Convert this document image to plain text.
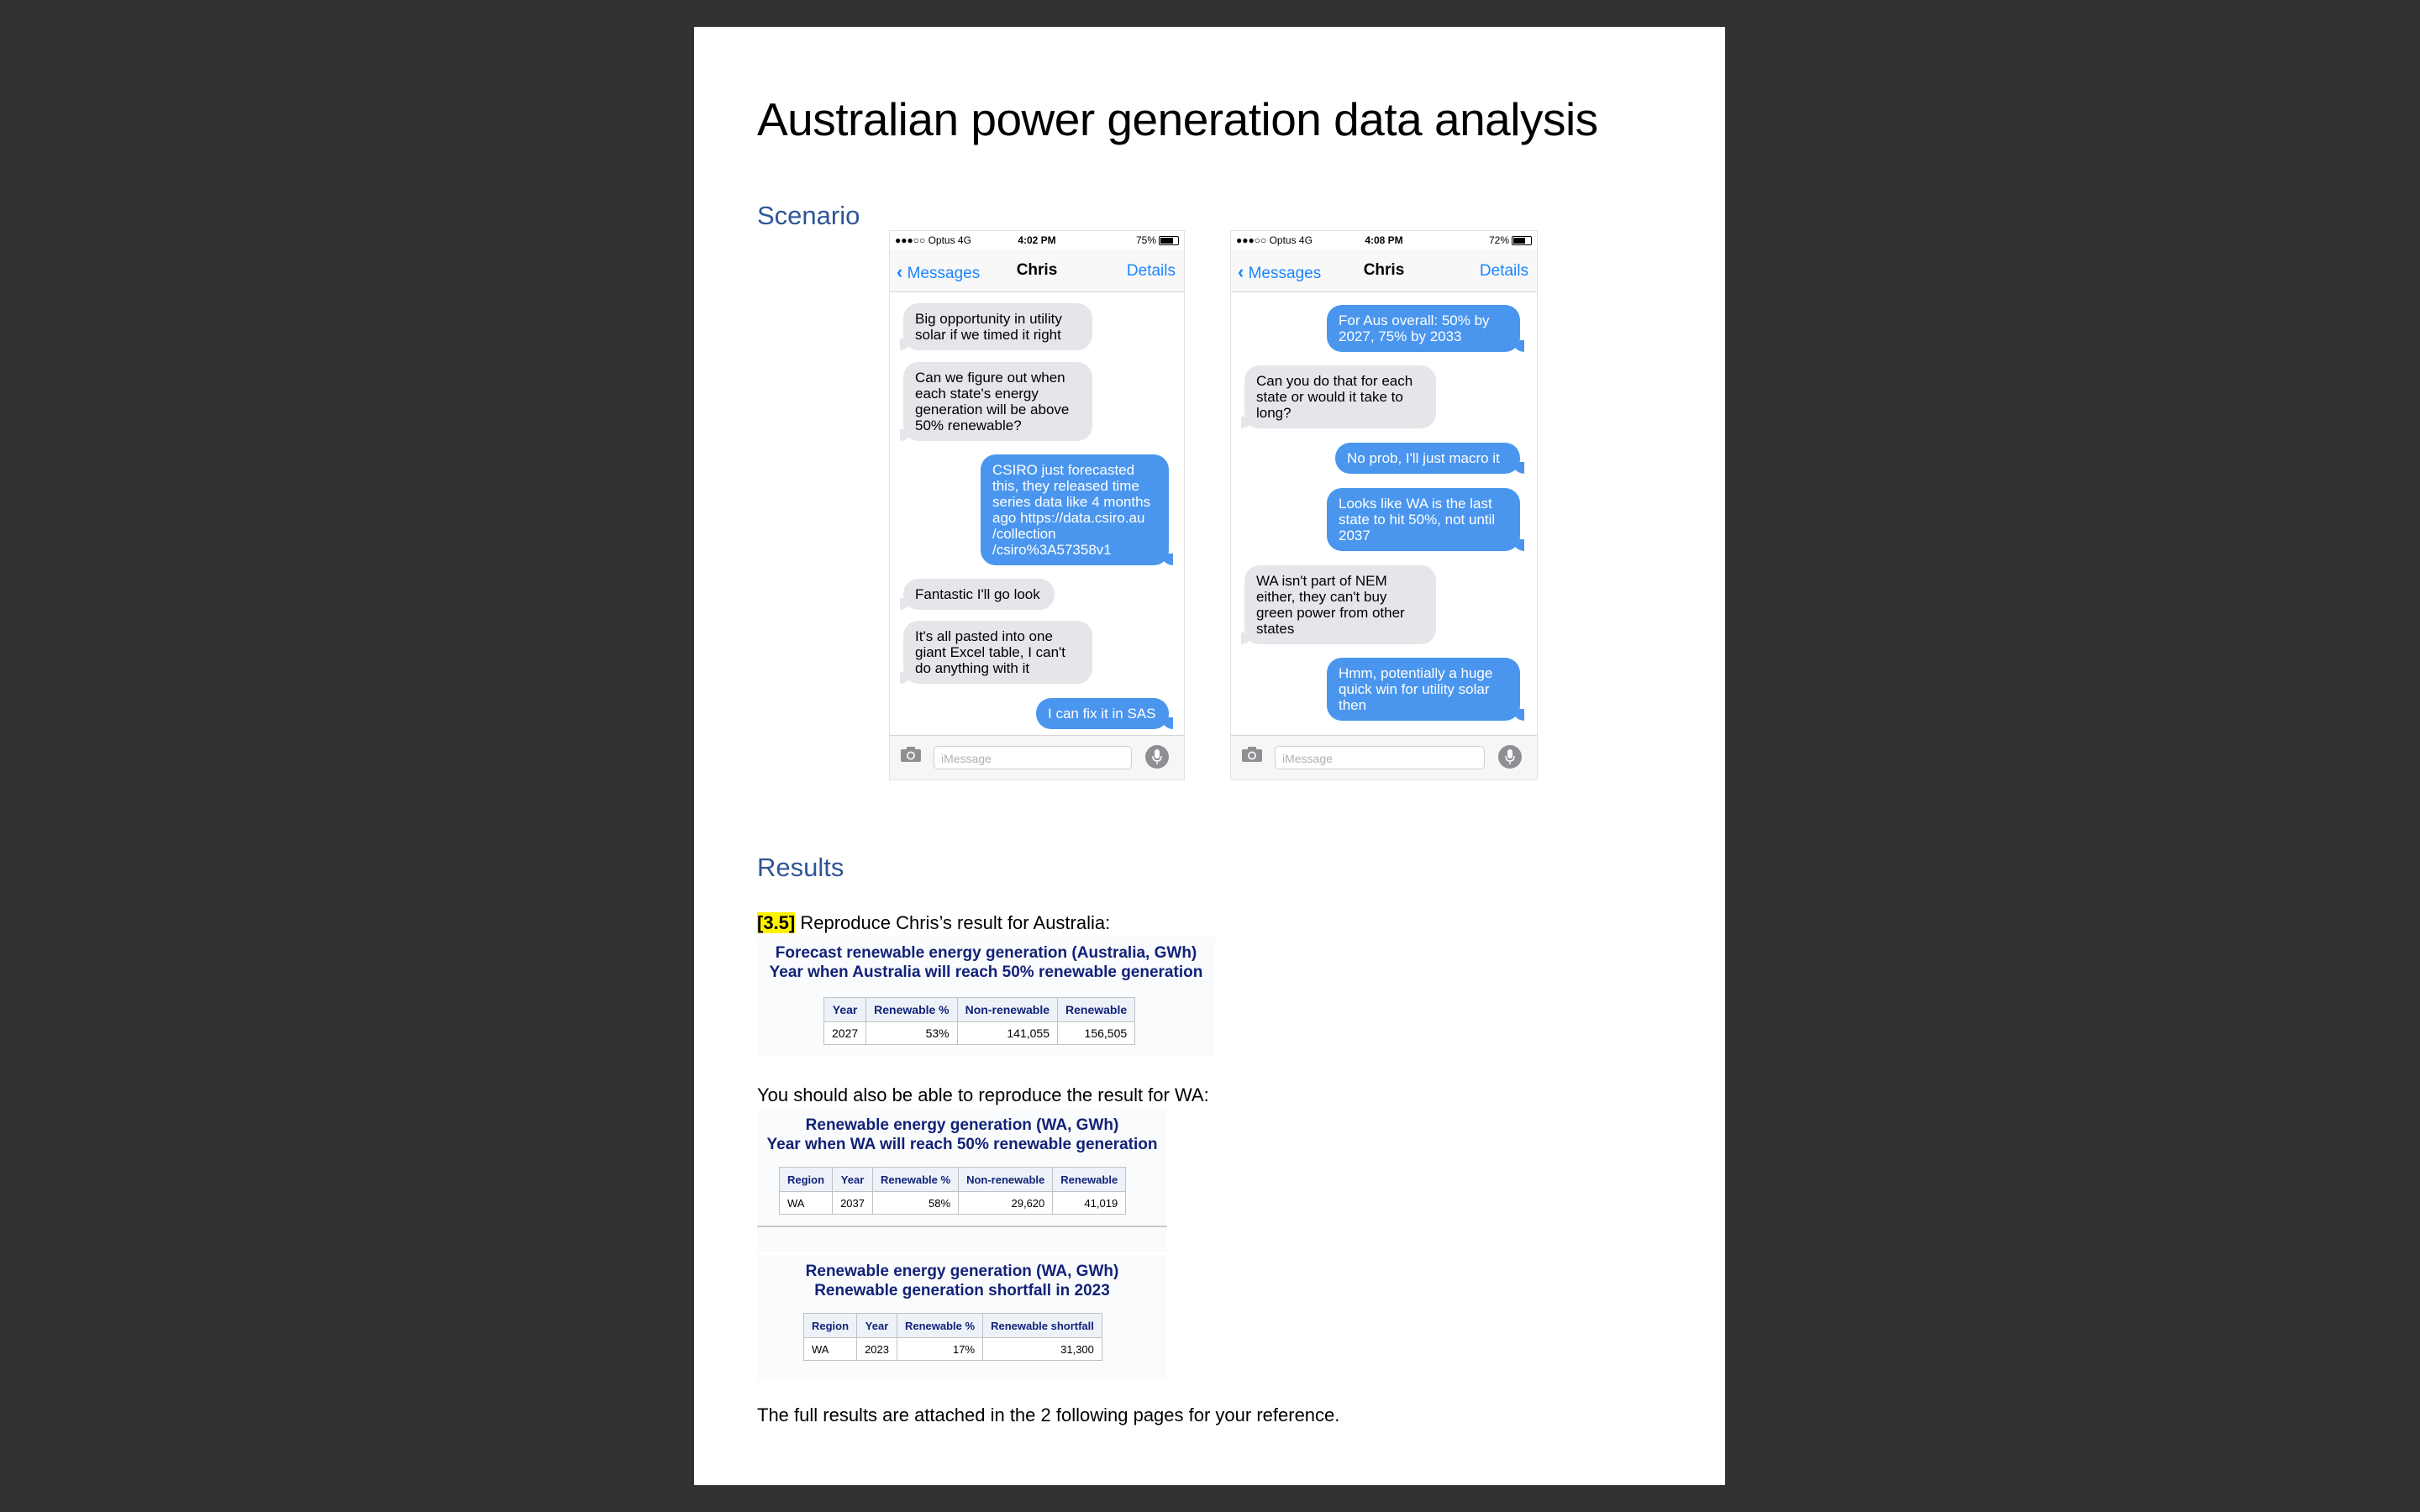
Australian power generation data analysis
Scenario
●●●○○ Optus 4G	4:02 PM	75%
‹ Messages	Chris	Details
Big opportunity in utility solar if we timed it right
Can we figure out when each state's energy generation will be above 50% renewable?
CSIRO just forecasted this, they released time series data like 4 months ago https://data.csiro.au /collection /csiro%3A57358v1
Fantastic I'll go look
It's all pasted into one giant Excel table, I can't do anything with it
I can fix it in SAS
iMessage
●●●○○ Optus 4G	4:08 PM	72%
‹ Messages	Chris	Details
For Aus overall: 50% by 2027, 75% by 2033
Can you do that for each state or would it take to long?
No prob, I'll just macro it
Looks like WA is the last state to hit 50%, not until 2037
WA isn't part of NEM either, they can't buy green power from other states
Hmm, potentially a huge quick win for utility solar then
iMessage
Results
[3.5] Reproduce Chris’s result for Australia:
Forecast renewable energy generation (Australia, GWh)
Year when Australia will reach 50% renewable generation
Year	Renewable %	Non-renewable	Renewable
2027	53%	141,055	156,505
You should also be able to reproduce the result for WA:
Renewable energy generation (WA, GWh)
Year when WA will reach 50% renewable generation
Region	Year	Renewable %	Non-renewable	Renewable
WA	2037	58%	29,620	41,019
Renewable energy generation (WA, GWh)
Renewable generation shortfall in 2023
Region	Year	Renewable %	Renewable shortfall
WA	2023	17%	31,300
The full results are attached in the 2 following pages for your reference.
